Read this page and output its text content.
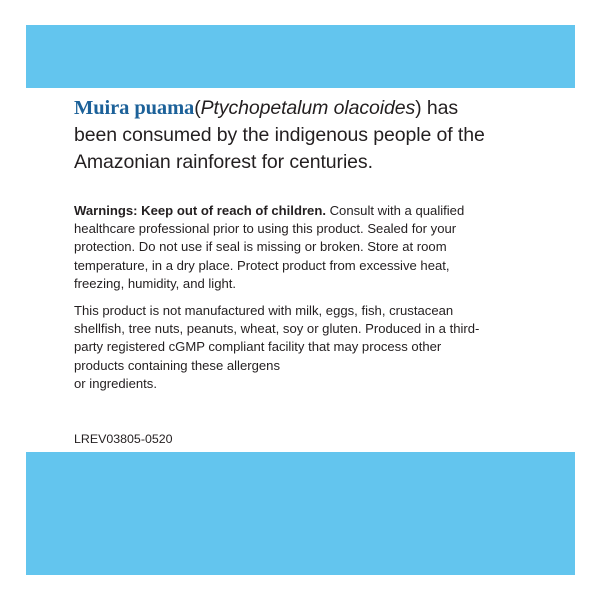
Muira puama(Ptychopetalum olacoides) has been consumed by the indigenous people of the Amazonian rainforest for centuries.

Warnings: Keep out of reach of children. Consult with a qualified healthcare professional prior to using this product. Sealed for your protection. Do not use if seal is missing or broken. Store at room temperature, in a dry place. Protect product from excessive heat, freezing, humidity, and light.

This product is not manufactured with milk, eggs, fish, crustacean shellfish, tree nuts, peanuts, wheat, soy or gluten. Produced in a third-party registered cGMP compliant facility that may process other products containing these allergens
or ingredients.

LREV03805-0520
